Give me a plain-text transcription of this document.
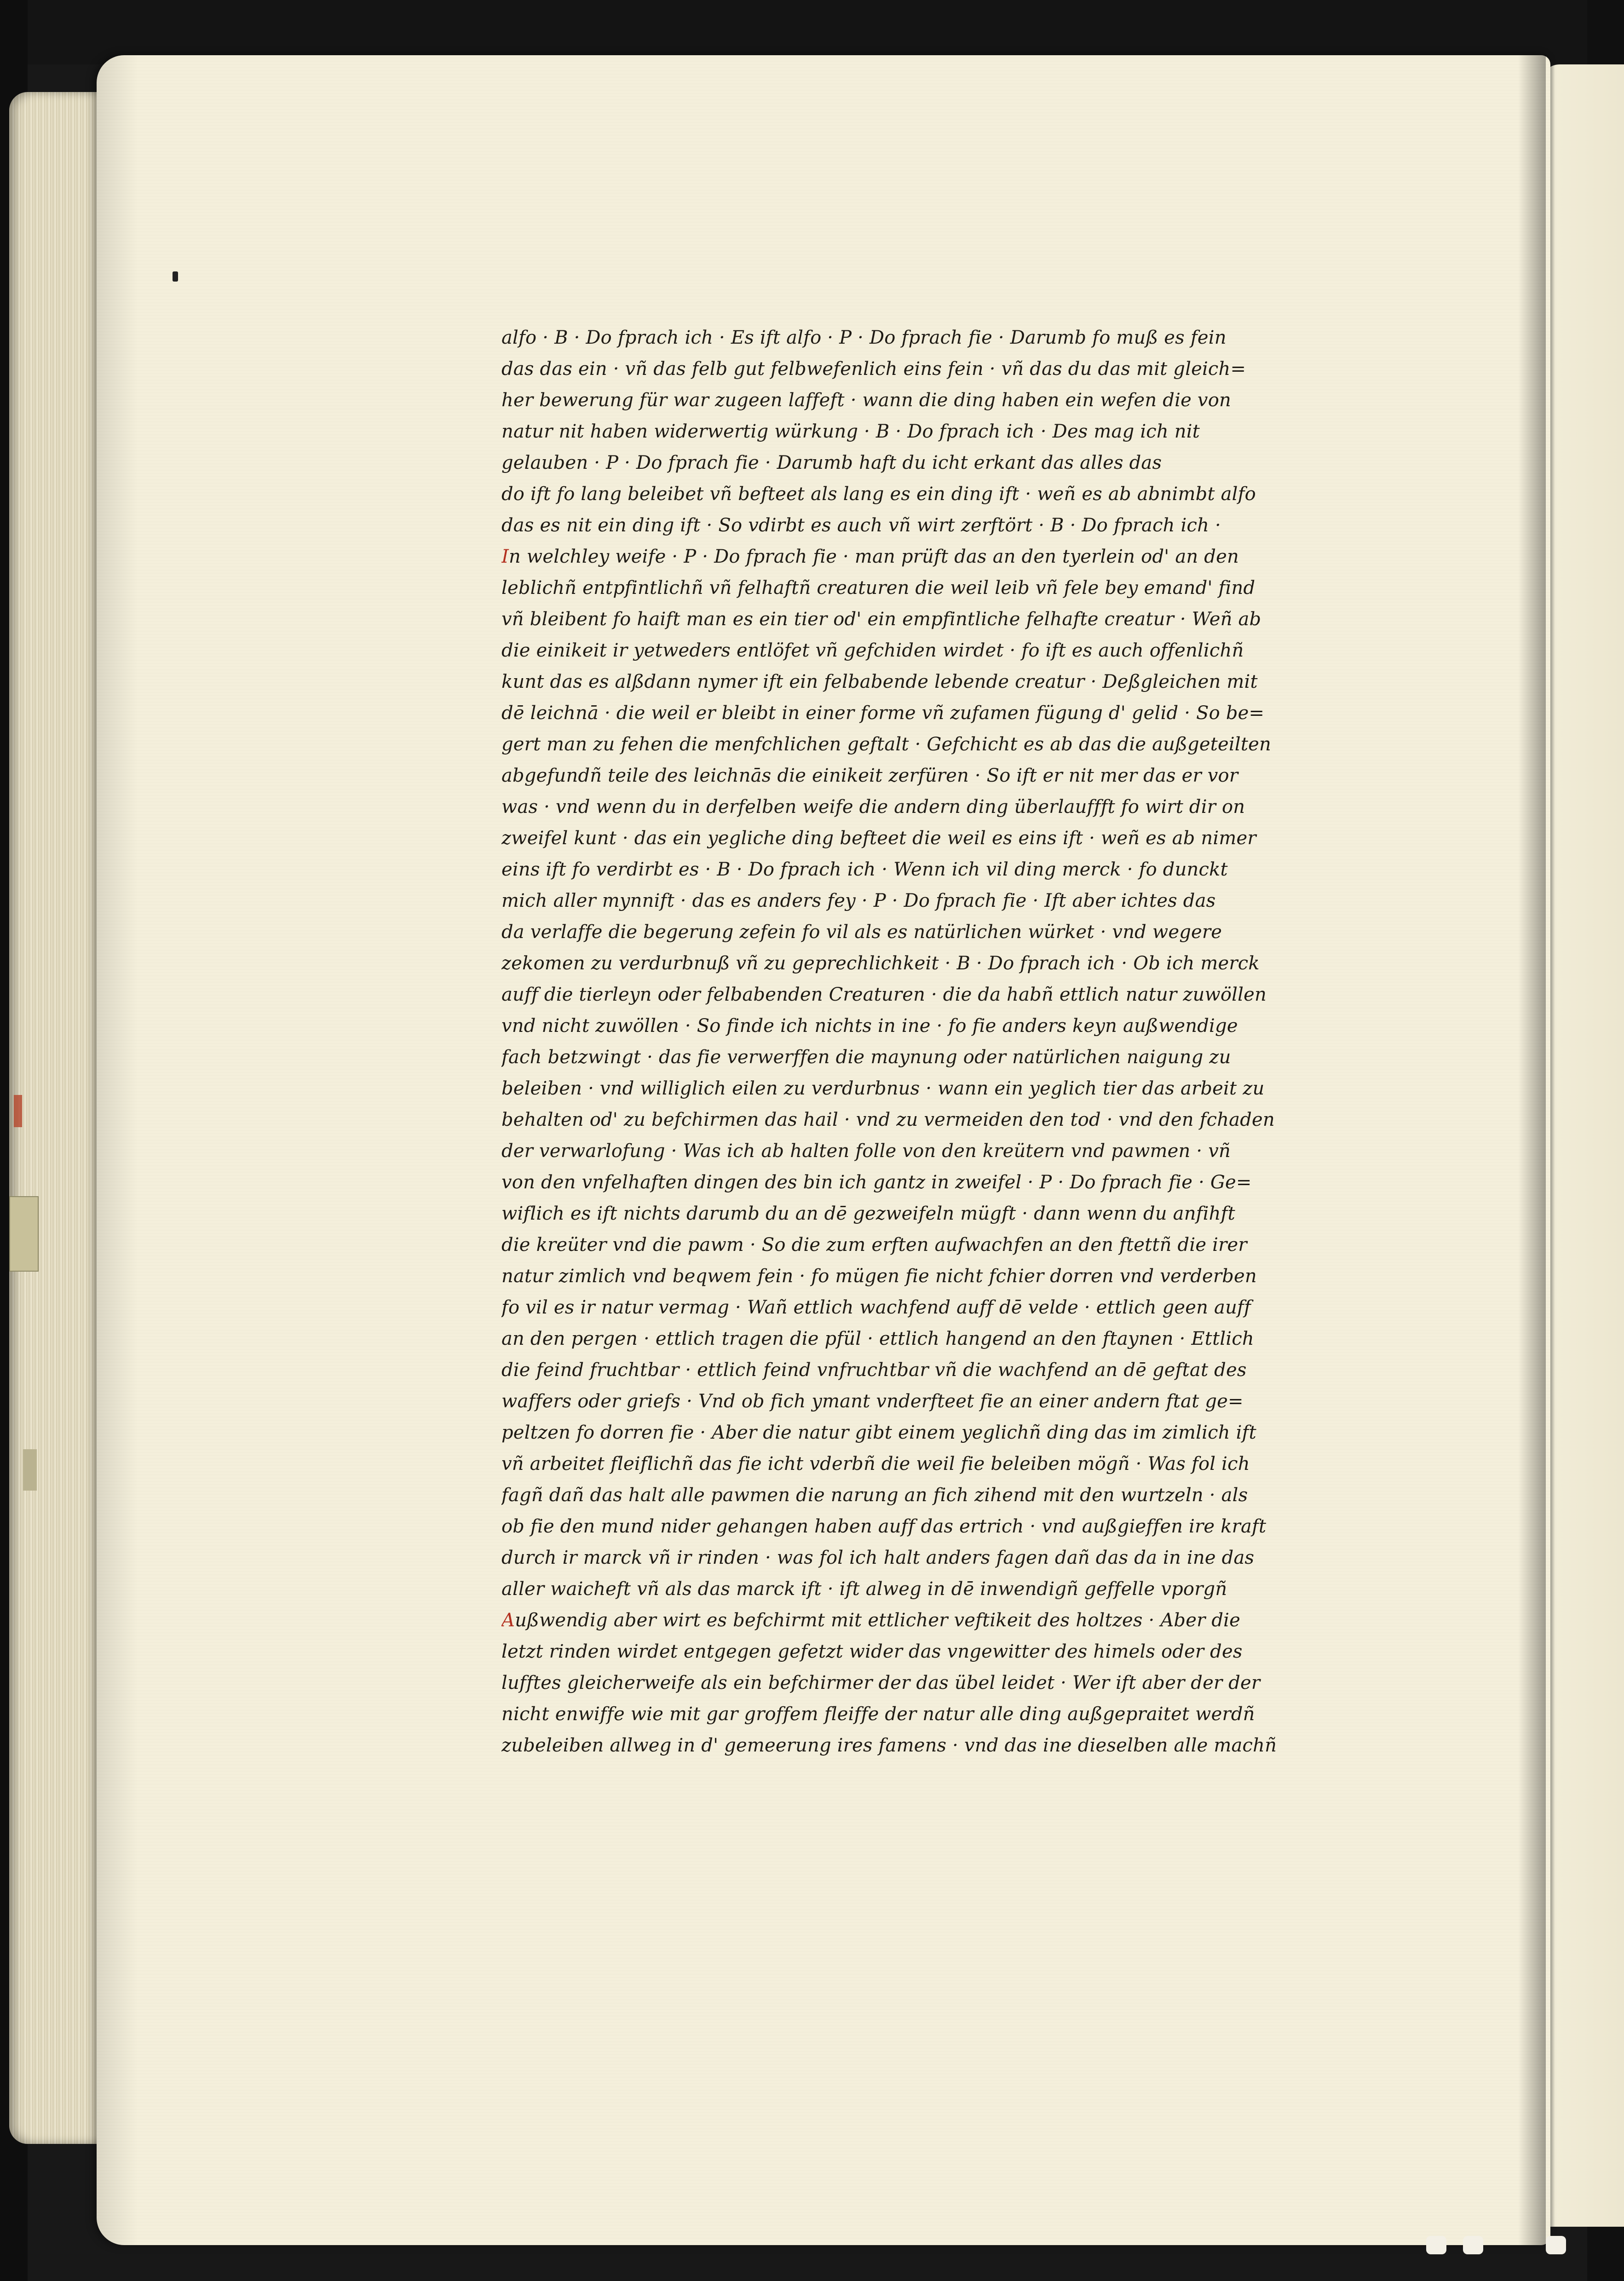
alfo · B · Do fprach ich · Es ift alfo · P · Do fprach fie · Darumb fo muß es fein
das das ein · vñ das felb gut felbwefenlich eins fein · vñ das du das mit gleich=
her bewerung für war zugeen laffeft · wann die ding haben ein wefen die von
natur nit haben widerwertig würkung · B · Do fprach ich · Des mag ich nit
gelauben · P · Do fprach fie · Darumb haft du icht erkant das alles das
do ift fo lang beleibet vñ befteet als lang es ein ding ift · weñ es ab abnimbt alfo
das es nit ein ding ift · So vdirbt es auch vñ wirt zerftört · B · Do fprach ich ·
In welchley weife · P · Do fprach fie · man prüft das an den tyerlein od' an den
leblichñ entpfintlichñ vñ felhaftñ creaturen die weil leib vñ fele bey emand' find
vñ bleibent fo haift man es ein tier od' ein empfintliche felhafte creatur · Weñ ab
die einikeit ir yetweders entlöfet vñ gefchiden wirdet · fo ift es auch offenlichñ
kunt das es alßdann nymer ift ein felbabende lebende creatur · Deßgleichen mit
dē leichnā · die weil er bleibt in einer forme vñ zufamen fügung d' gelid · So be=
gert man zu fehen die menfchlichen geftalt · Gefchicht es ab das die außgeteilten
abgefundñ teile des leichnās die einikeit zerfüren · So ift er nit mer das er vor
was · vnd wenn du in derfelben weife die andern ding überlauffft fo wirt dir on
zweifel kunt · das ein yegliche ding befteet die weil es eins ift · weñ es ab nimer
eins ift fo verdirbt es · B · Do fprach ich · Wenn ich vil ding merck · fo dunckt
mich aller mynnift · das es anders fey · P · Do fprach fie · Ift aber ichtes das
da verlaffe die begerung zefein fo vil als es natürlichen würket · vnd wegere
zekomen zu verdurbnuß vñ zu geprechlichkeit · B · Do fprach ich · Ob ich merck
auff die tierleyn oder felbabenden Creaturen · die da habñ ettlich natur zuwöllen
vnd nicht zuwöllen · So finde ich nichts in ine · fo fie anders keyn außwendige
fach betzwingt · das fie verwerffen die maynung oder natürlichen naigung zu
beleiben · vnd williglich eilen zu verdurbnus · wann ein yeglich tier das arbeit zu
behalten od' zu befchirmen das hail · vnd zu vermeiden den tod · vnd den fchaden
der verwarlofung · Was ich ab halten folle von den kreütern vnd pawmen · vñ
von den vnfelhaften dingen des bin ich gantz in zweifel · P · Do fprach fie · Ge=
wiflich es ift nichts darumb du an dē gezweifeln mügft · dann wenn du anfihft
die kreüter vnd die pawm · So die zum erften aufwachfen an den ftettñ die irer
natur zimlich vnd beqwem fein · fo mügen fie nicht fchier dorren vnd verderben
fo vil es ir natur vermag · Wañ ettlich wachfend auff dē velde · ettlich geen auff
an den pergen · ettlich tragen die pfül · ettlich hangend an den ftaynen · Ettlich
die feind fruchtbar · ettlich feind vnfruchtbar vñ die wachfend an dē geftat des
waffers oder griefs · Vnd ob fich ymant vnderfteet fie an einer andern ftat ge=
peltzen fo dorren fie · Aber die natur gibt einem yeglichñ ding das im zimlich ift
vñ arbeitet fleiflichñ das fie icht vderbñ die weil fie beleiben mögñ · Was fol ich
fagñ dañ das halt alle pawmen die narung an fich zihend mit den wurtzeln · als
ob fie den mund nider gehangen haben auff das ertrich · vnd außgieffen ire kraft
durch ir marck vñ ir rinden · was fol ich halt anders fagen dañ das da in ine das
aller waicheft vñ als das marck ift · ift alweg in dē inwendigñ geffelle vporgñ
Außwendig aber wirt es befchirmt mit ettlicher veftikeit des holtzes · Aber die
letzt rinden wirdet entgegen gefetzt wider das vngewitter des himels oder des
lufftes gleicherweife als ein befchirmer der das übel leidet · Wer ift aber der der
nicht enwiffe wie mit gar groffem fleiffe der natur alle ding außgepraitet werdñ
zubeleiben allweg in d' gemeerung ires famens · vnd das ine dieselben alle machñ
